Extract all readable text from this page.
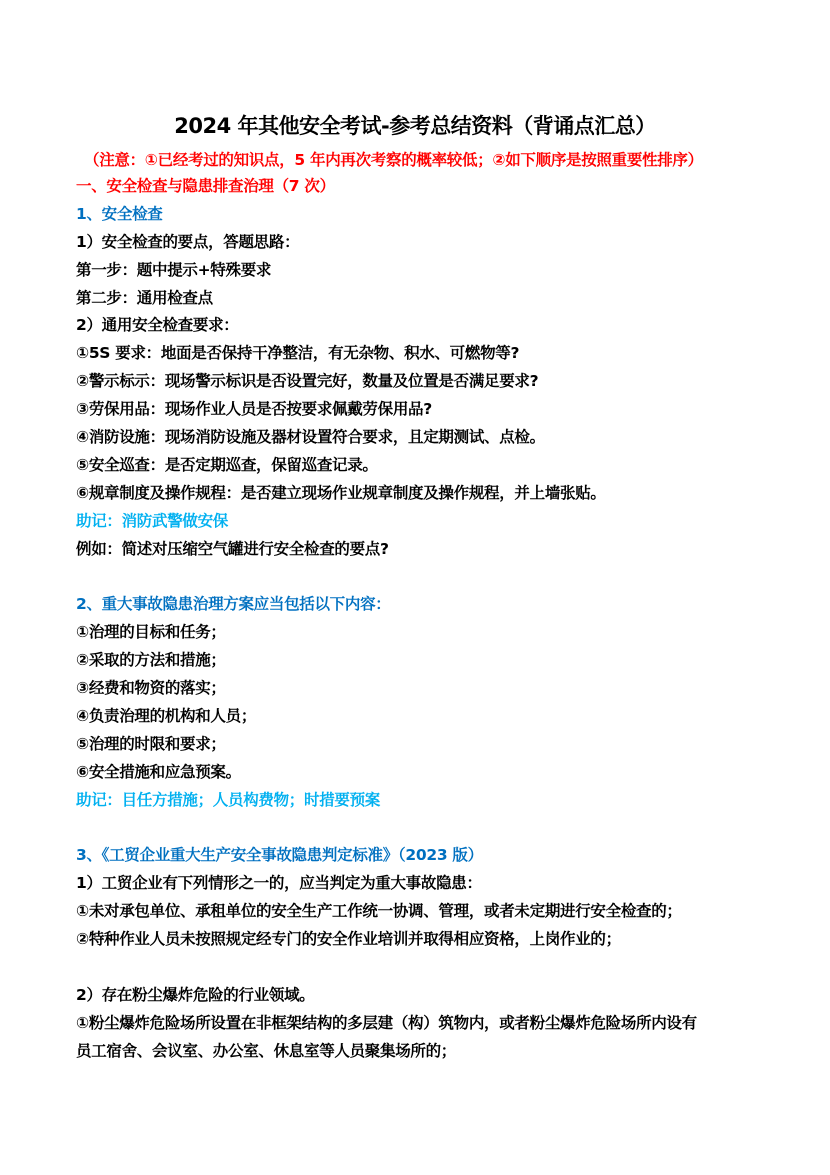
2024 年其他安全考试-参考总结资料（背诵点汇总）
（注意：①已经考过的知识点，5 年内再次考察的概率较低；②如下顺序是按照重要性排序）
一、安全检查与隐患排查治理（7 次）
1、安全检查
1）安全检查的要点，答题思路：
第一步：题中提示+特殊要求
第二步：通用检查点
2）通用安全检查要求：
①5S 要求：地面是否保持干净整洁，有无杂物、积水、可燃物等?
②警示标示：现场警示标识是否设置完好，数量及位置是否满足要求?
③劳保用品：现场作业人员是否按要求佩戴劳保用品?
④消防设施：现场消防设施及器材设置符合要求，且定期测试、点检。
⑤安全巡查：是否定期巡查，保留巡查记录。
⑥规章制度及操作规程：是否建立现场作业规章制度及操作规程，并上墙张贴。
助记：消防武警做安保
例如：简述对压缩空气罐进行安全检查的要点?
2、重大事故隐患治理方案应当包括以下内容：
①治理的目标和任务；
②采取的方法和措施；
③经费和物资的落实；
④负责治理的机构和人员；
⑤治理的时限和要求；
⑥安全措施和应急预案。
助记：目任方措施；人员构费物；时措要预案
3、《工贸企业重大生产安全事故隐患判定标准》（2023 版）
1）工贸企业有下列情形之一的，应当判定为重大事故隐患：
①未对承包单位、承租单位的安全生产工作统一协调、管理，或者未定期进行安全检查的；
②特种作业人员未按照规定经专门的安全作业培训并取得相应资格，上岗作业的；
2）存在粉尘爆炸危险的行业领域。
①粉尘爆炸危险场所设置在非框架结构的多层建（构）筑物内，或者粉尘爆炸危险场所内设有
员工宿舍、会议室、办公室、休息室等人员聚集场所的；
